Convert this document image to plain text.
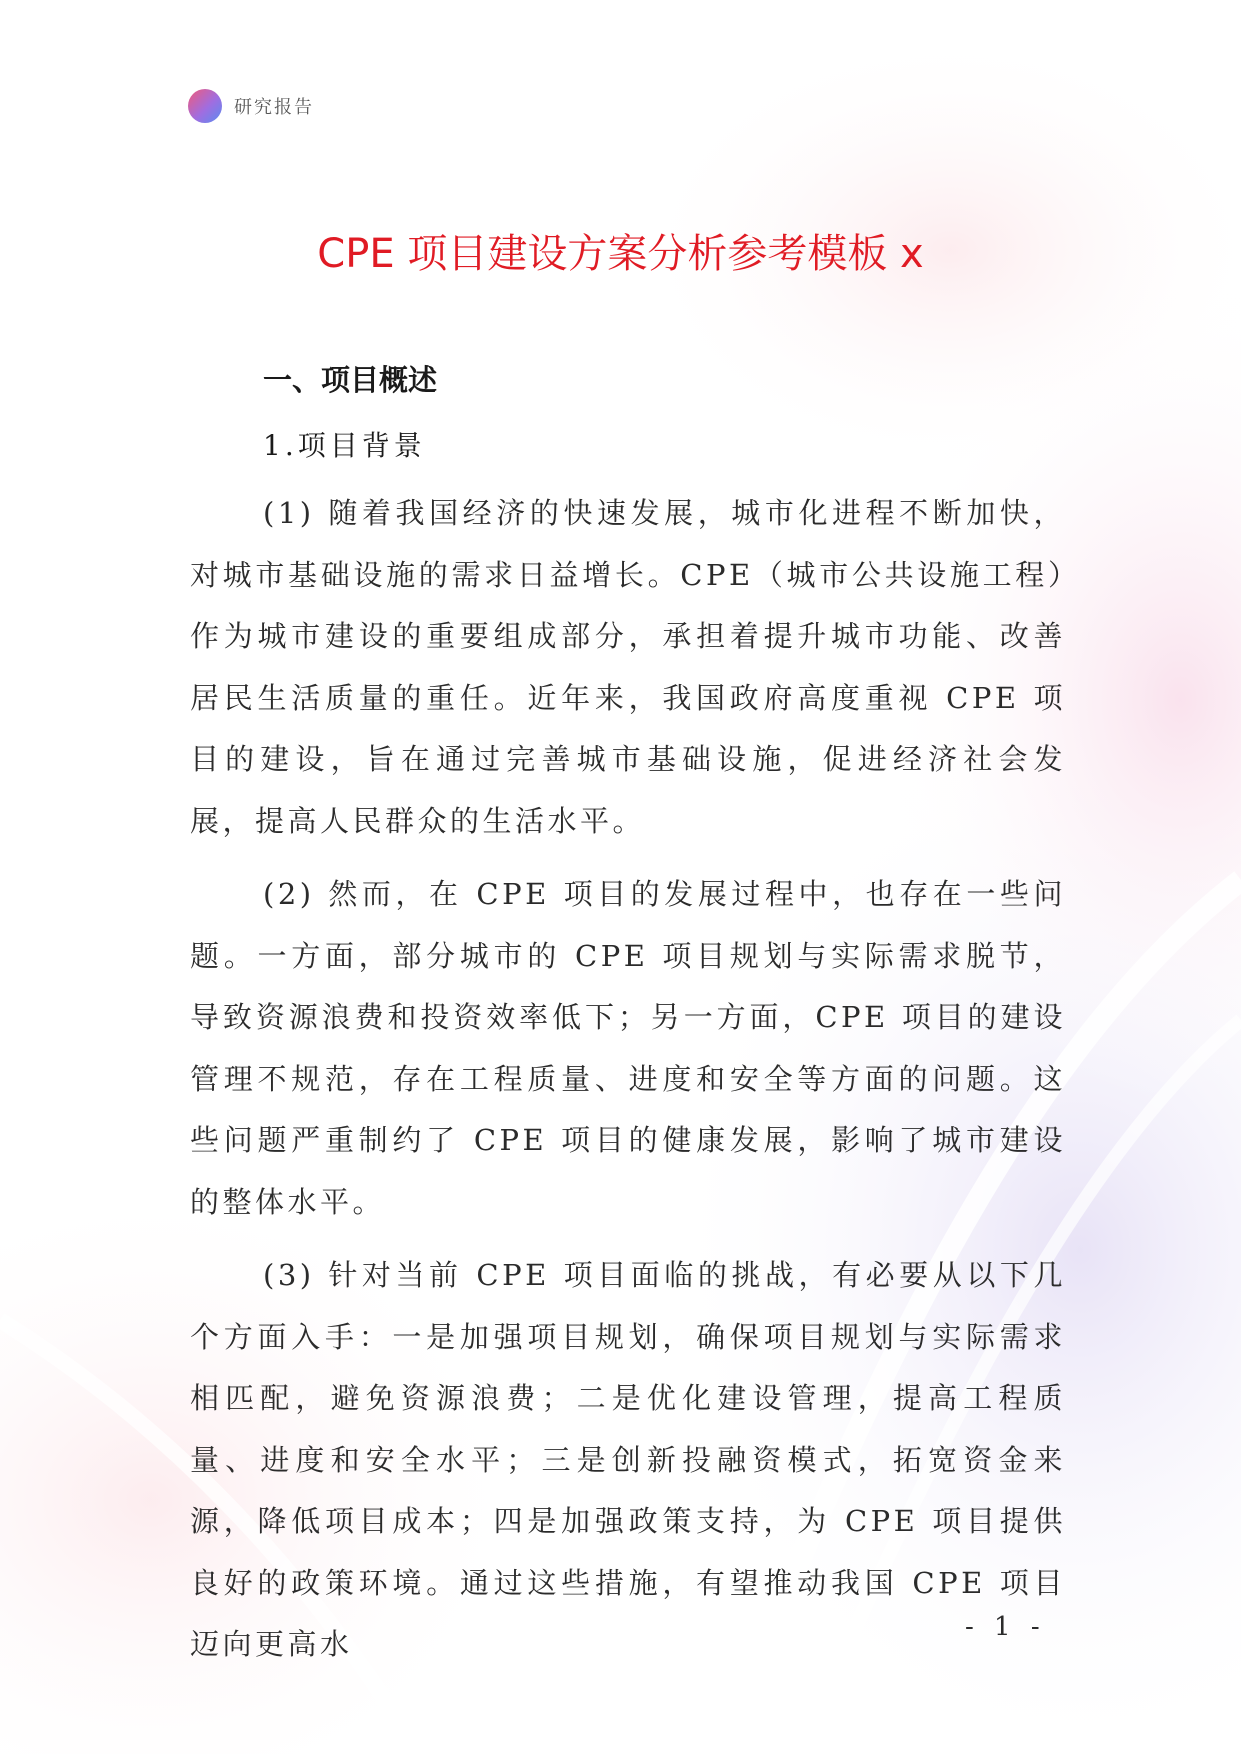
研究报告
CPE 项目建设方案分析参考模板 x
一、项目概述
1.项目背景

(1) 随着我国经济的快速发展，城市化进程不断加快，对城市基础设施的需求日益增长。CPE（城市公共设施工程）作为城市建设的重要组成部分，承担着提升城市功能、改善居民生活质量的重任。近年来，我国政府高度重视 CPE 项目的建设，旨在通过完善城市基础设施，促进经济社会发展，提高人民群众的生活水平。

(2) 然而，在 CPE 项目的发展过程中，也存在一些问题。一方面，部分城市的 CPE 项目规划与实际需求脱节，导致资源浪费和投资效率低下；另一方面，CPE 项目的建设管理不规范，存在工程质量、进度和安全等方面的问题。这些问题严重制约了 CPE 项目的健康发展，影响了城市建设的整体水平。

(3) 针对当前 CPE 项目面临的挑战，有必要从以下几个方面入手：一是加强项目规划，确保项目规划与实际需求相匹配，避免资源浪费；二是优化建设管理，提高工程质量、进度和安全水平；三是创新投融资模式，拓宽资金来源，降低项目成本；四是加强政策支持，为 CPE 项目提供良好的政策环境。通过这些措施，有望推动我国 CPE 项目迈向更高水	- 1 -
